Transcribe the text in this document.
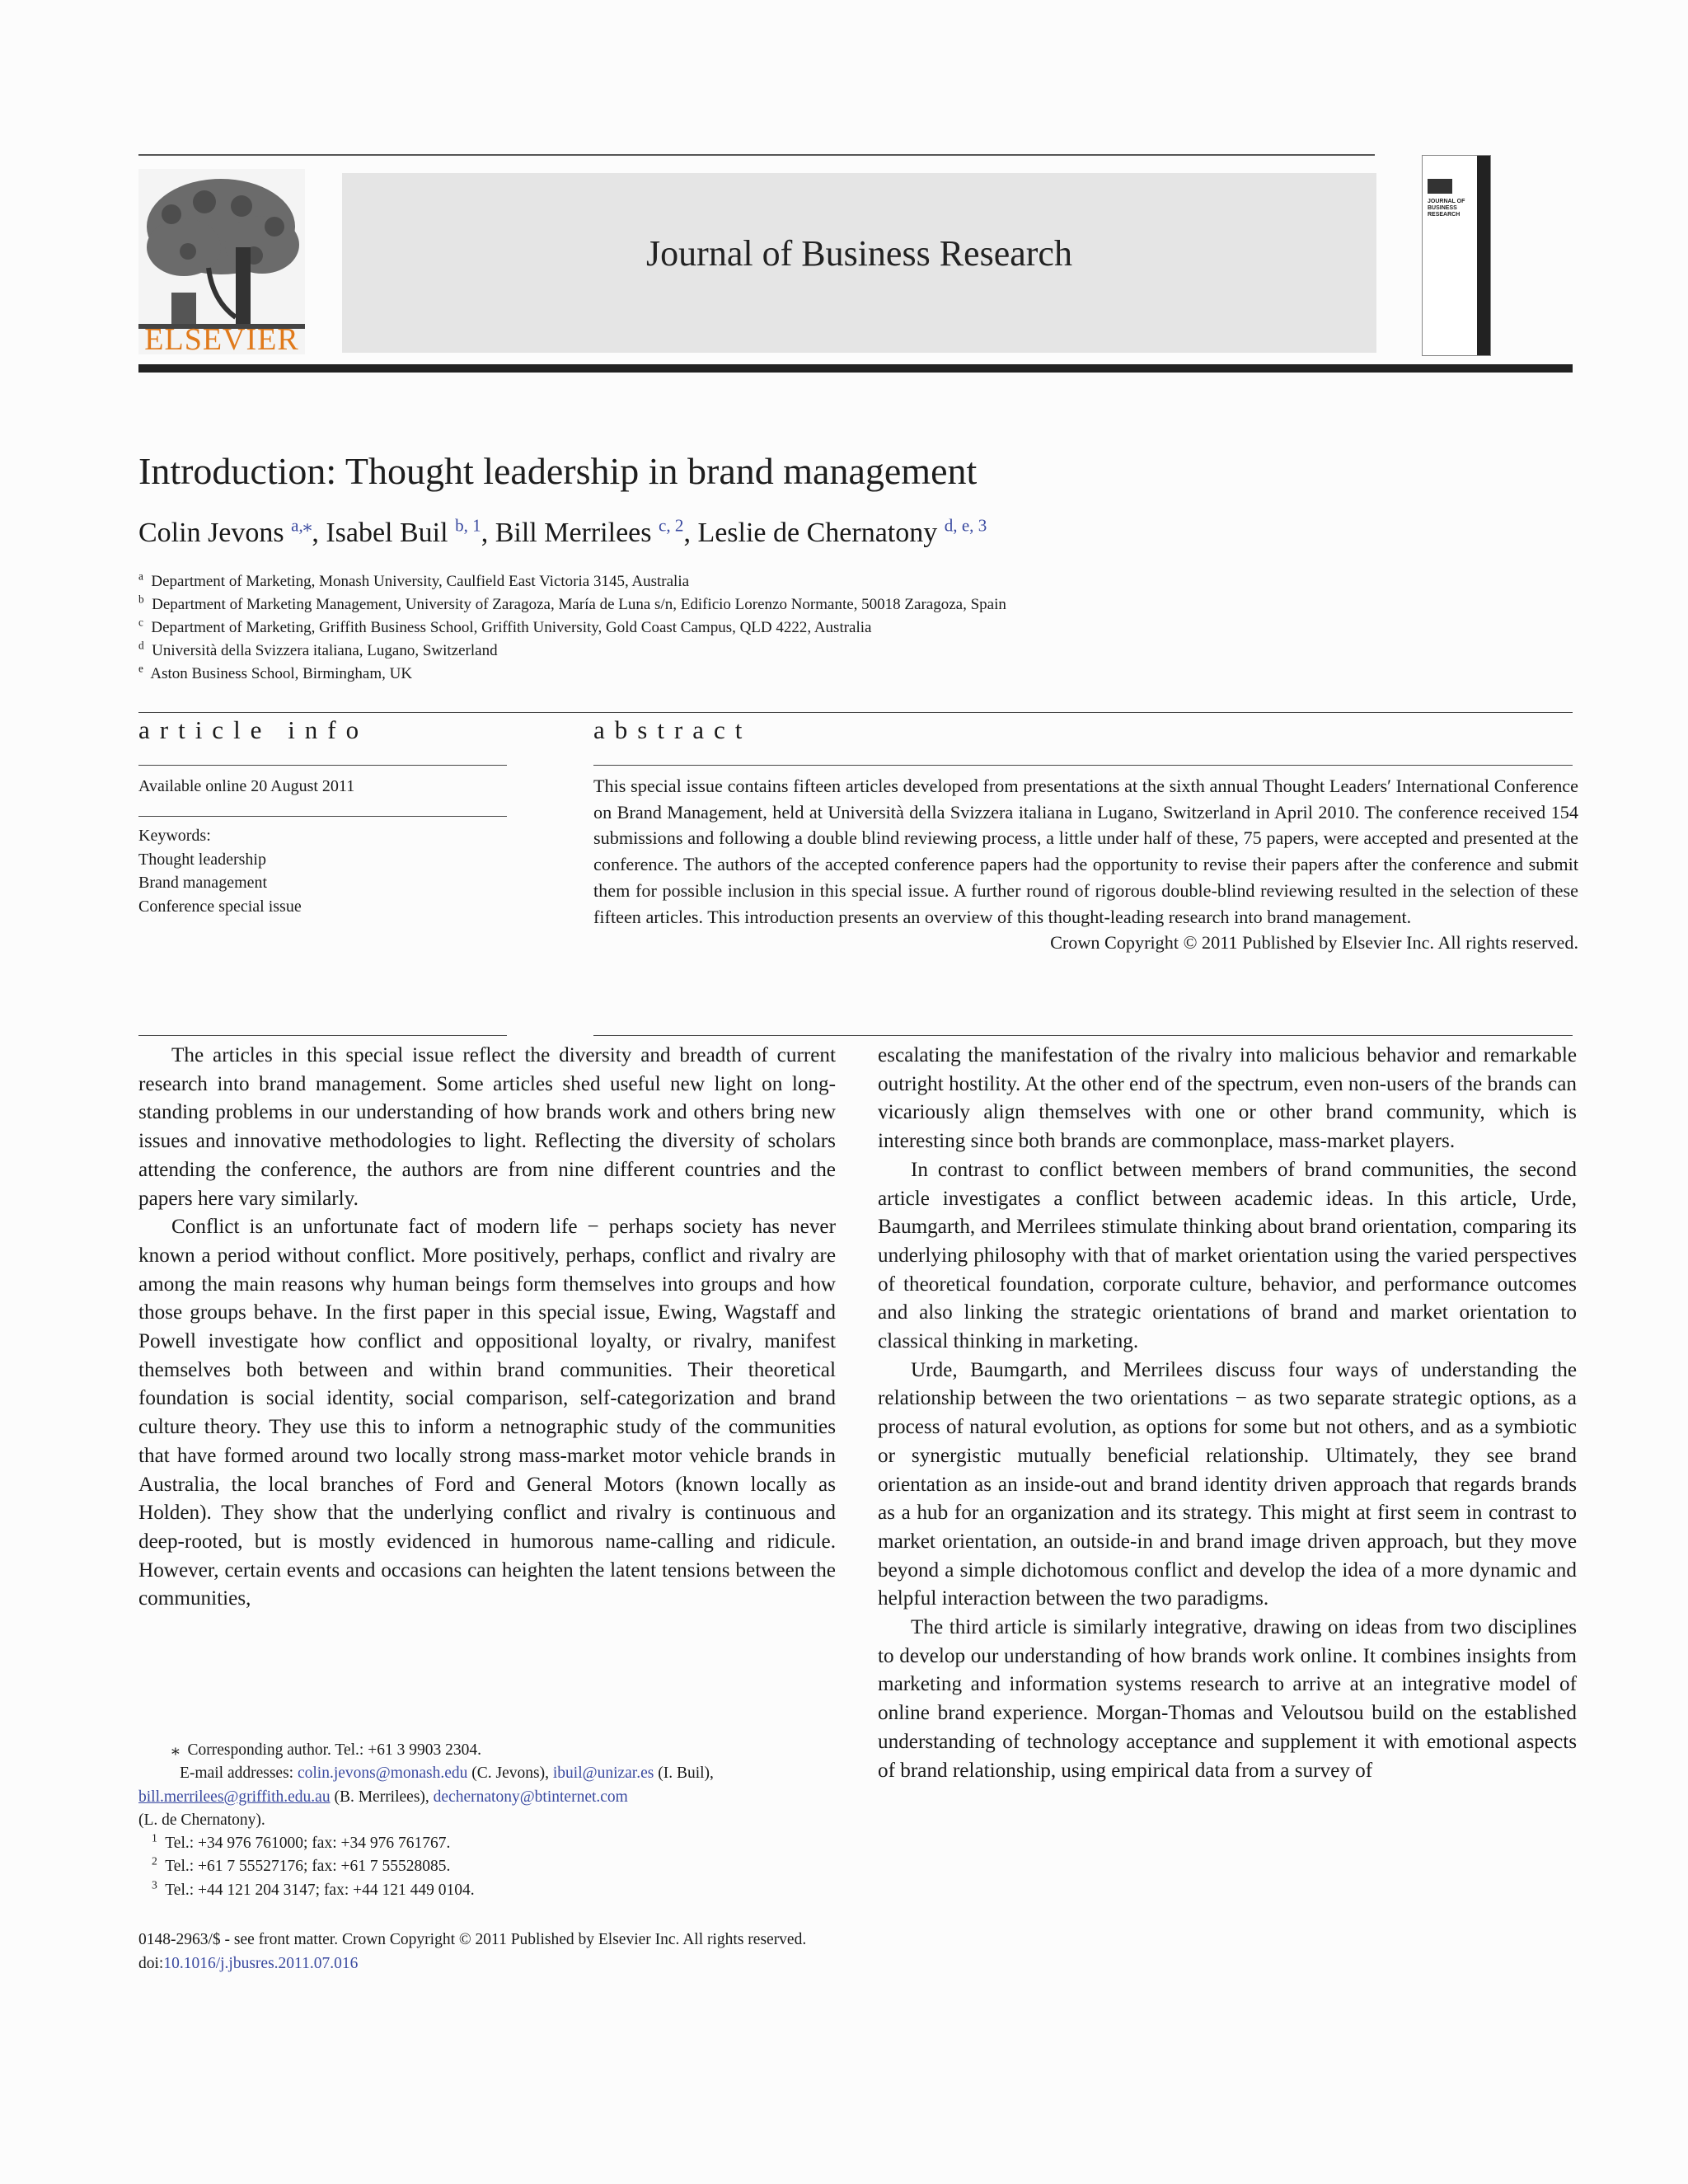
ELSEVIER
Journal of Business Research
JOURNAL OF BUSINESS RESEARCH
Introduction: Thought leadership in brand management
Colin Jevons $^{a,⁎}$, Isabel Buil $^{b, 1}$, Bill Merrilees $^{c, 2}$, Leslie de Chernatony $^{d, e, 3}$
$^a$ Department of Marketing, Monash University, Caulfield East Victoria 3145, Australia
$^b$ Department of Marketing Management, University of Zaragoza, María de Luna s/n, Edificio Lorenzo Normante, 50018 Zaragoza, Spain
$^c$ Department of Marketing, Griffith Business School, Griffith University, Gold Coast Campus, QLD 4222, Australia
$^d$ Università della Svizzera italiana, Lugano, Switzerland
$^e$ Aston Business School, Birmingham, UK
article info	abstract
Available online 20 August 2011
Keywords:
Thought leadership
Brand management
Conference special issue
This special issue contains fifteen articles developed from presentations at the sixth annual Thought Leaders′ International Conference on Brand Management, held at Università della Svizzera italiana in Lugano, Switzerland in April 2010. The conference received 154 submissions and following a double blind reviewing process, a little under half of these, 75 papers, were accepted and presented at the conference. The authors of the accepted conference papers had the opportunity to revise their papers after the conference and submit them for possible inclusion in this special issue. A further round of rigorous double-blind reviewing resulted in the selection of these fifteen articles. This introduction presents an overview of this thought-leading research into brand management.
Crown Copyright © 2011 Published by Elsevier Inc. All rights reserved.

The articles in this special issue reflect the diversity and breadth of current research into brand management. Some articles shed useful new light on long-standing problems in our understanding of how brands work and others bring new issues and innovative methodologies to light. Reflecting the diversity of scholars attending the conference, the authors are from nine different countries and the papers here vary similarly.

Conflict is an unfortunate fact of modern life − perhaps society has never known a period without conflict. More positively, perhaps, conflict and rivalry are among the main reasons why human beings form themselves into groups and how those groups behave. In the first paper in this special issue, Ewing, Wagstaff and Powell investigate how conflict and oppositional loyalty, or rivalry, manifest themselves both between and within brand communities. Their theoretical foundation is social identity, social comparison, self-categorization and brand culture theory. They use this to inform a netnographic study of the communities that have formed around two locally strong mass-market motor vehicle brands in Australia, the local branches of Ford and General Motors (known locally as Holden). They show that the underlying conflict and rivalry is continuous and deep-rooted, but is mostly evidenced in humorous name-calling and ridicule. However, certain events and occasions can heighten the latent tensions between the communities,

escalating the manifestation of the rivalry into malicious behavior and remarkable outright hostility. At the other end of the spectrum, even non-users of the brands can vicariously align themselves with one or other brand community, which is interesting since both brands are commonplace, mass-market players.

In contrast to conflict between members of brand communities, the second article investigates a conflict between academic ideas. In this article, Urde, Baumgarth, and Merrilees stimulate thinking about brand orientation, comparing its underlying philosophy with that of market orientation using the varied perspectives of theoretical foundation, corporate culture, behavior, and performance outcomes and also linking the strategic orientations of brand and market orientation to classical thinking in marketing.

Urde, Baumgarth, and Merrilees discuss four ways of understanding the relationship between the two orientations − as two separate strategic options, as a process of natural evolution, as options for some but not others, and as a symbiotic or synergistic mutually beneficial relationship. Ultimately, they see brand orientation as an inside-out and brand identity driven approach that regards brands as a hub for an organization and its strategy. This might at first seem in contrast to market orientation, an outside-in and brand image driven approach, but they move beyond a simple dichotomous conflict and develop the idea of a more dynamic and helpful interaction between the two paradigms.

The third article is similarly integrative, drawing on ideas from two disciplines to develop our understanding of how brands work online. It combines insights from marketing and information systems research to arrive at an integrative model of online brand experience. Morgan-Thomas and Veloutsou build on the established understanding of technology acceptance and supplement it with emotional aspects of brand relationship, using empirical data from a survey of

⁎ Corresponding author. Tel.: +61 3 9903 2304.
E-mail addresses: colin.jevons@monash.edu (C. Jevons), ibuil@unizar.es (I. Buil),
bill.merrilees@griffith.edu.au (B. Merrilees), dechernatony@btinternet.com
(L. de Chernatony).
$^1$ Tel.: +34 976 761000; fax: +34 976 761767.
$^2$ Tel.: +61 7 55527176; fax: +61 7 55528085.
$^3$ Tel.: +44 121 204 3147; fax: +44 121 449 0104.
0148-2963/$ - see front matter. Crown Copyright © 2011 Published by Elsevier Inc. All rights reserved.
doi:10.1016/j.jbusres.2011.07.016
